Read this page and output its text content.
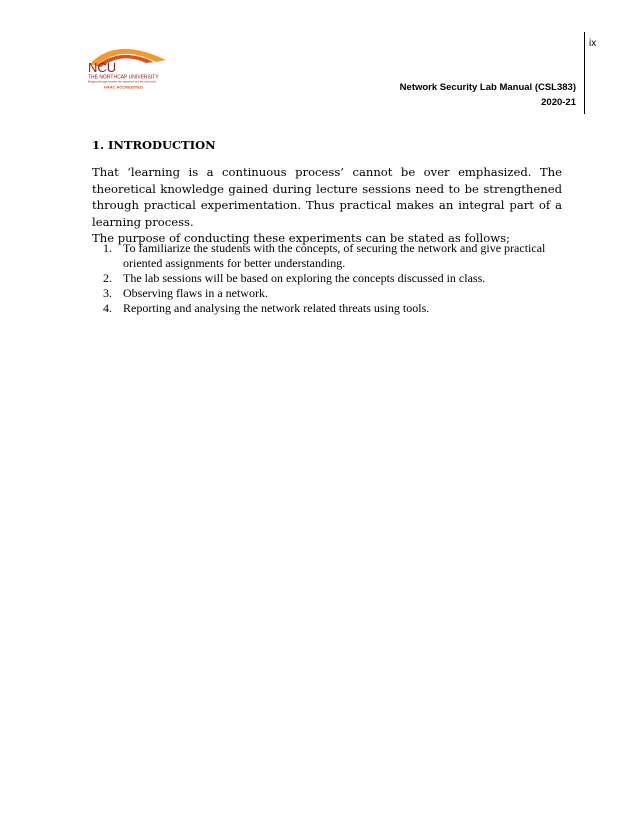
ix
NCU
THE NORTHCAP UNIVERSITY
Bridging the gap between the classroom and the real world
NAAC ACCREDITED	Network Security Lab Manual (CSL383)
2020-21
1. INTRODUCTION

That ‘learning is a continuous process’ cannot be over emphasized. The theoretical knowledge gained during lecture sessions need to be strengthened through practical experimentation. Thus practical makes an integral part of a learning process.

The purpose of conducting these experiments can be stated as follows;

1. To familiarize the students with the concepts, of securing the network and give practical oriented assignments for better understanding.
2. The lab sessions will be based on exploring the concepts discussed in class.
3. Observing flaws in a network.
4. Reporting and analysing the network related threats using tools.
